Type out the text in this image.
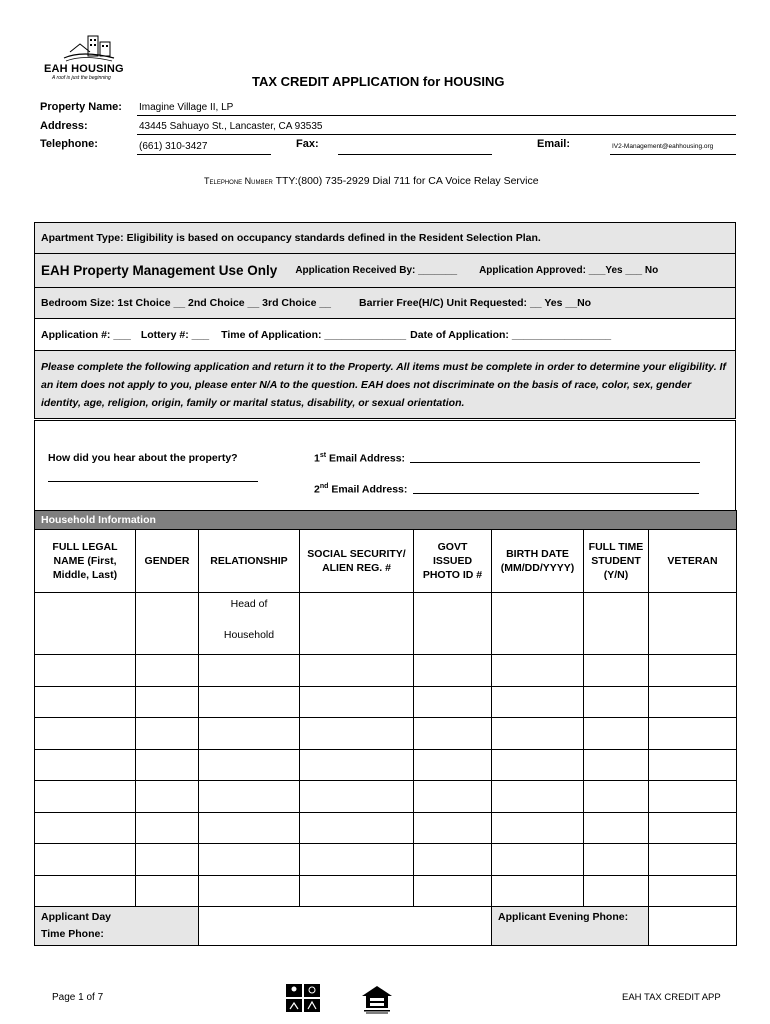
EAH HOUSING
A roof is just the beginning	TAX CREDIT APPLICATION for HOUSING
Property Name: Imagine Village II, LP
Address:	43445 Sahuayo St., Lancaster, CA 93535
Telephone:	(661) 310-3427	Fax:	Email:	IV2-Management@eahhousing.org
Telephone Number TTY:(800) 735-2929 Dial 711 for CA Voice Relay Service
Apartment Type: Eligibility is based on occupancy standards defined in the Resident Selection Plan.
EAH Property Management Use Only Application Received By: _______ Application Approved: ___Yes ___ No
Bedroom Size: 1st Choice __ 2nd Choice __ 3rd Choice __	Barrier Free(H/C) Unit Requested: __ Yes __No
Application #: ___ Lottery #: ___ Time of Application: ______________ Date of Application: _________________
Please complete the following application and return it to the Property. All items must be complete in order to determine your eligibility. If an item does not apply to you, please enter N/A to the question. EAH does not discriminate on the basis of race, color, sex, gender identity, age, religion, origin, family or marital status, disability, or sexual orientation.
How did you hear about the property?	1st Email Address:
2nd Email Address:
Household Information							
FULL LEGAL NAME (First, Middle, Last)	GENDER	RELATIONSHIP	SOCIAL SECURITY/ ALIEN REG. #	GOVT ISSUED PHOTO ID #	BIRTH DATE (MM/DD/YYYY)	FULL TIME STUDENT (Y/N)	VETERAN

		Head of
Household					

Applicant Day Time Phone:					Applicant Evening Phone:		
Page 1 of 7	EAH TAX CREDIT APP
